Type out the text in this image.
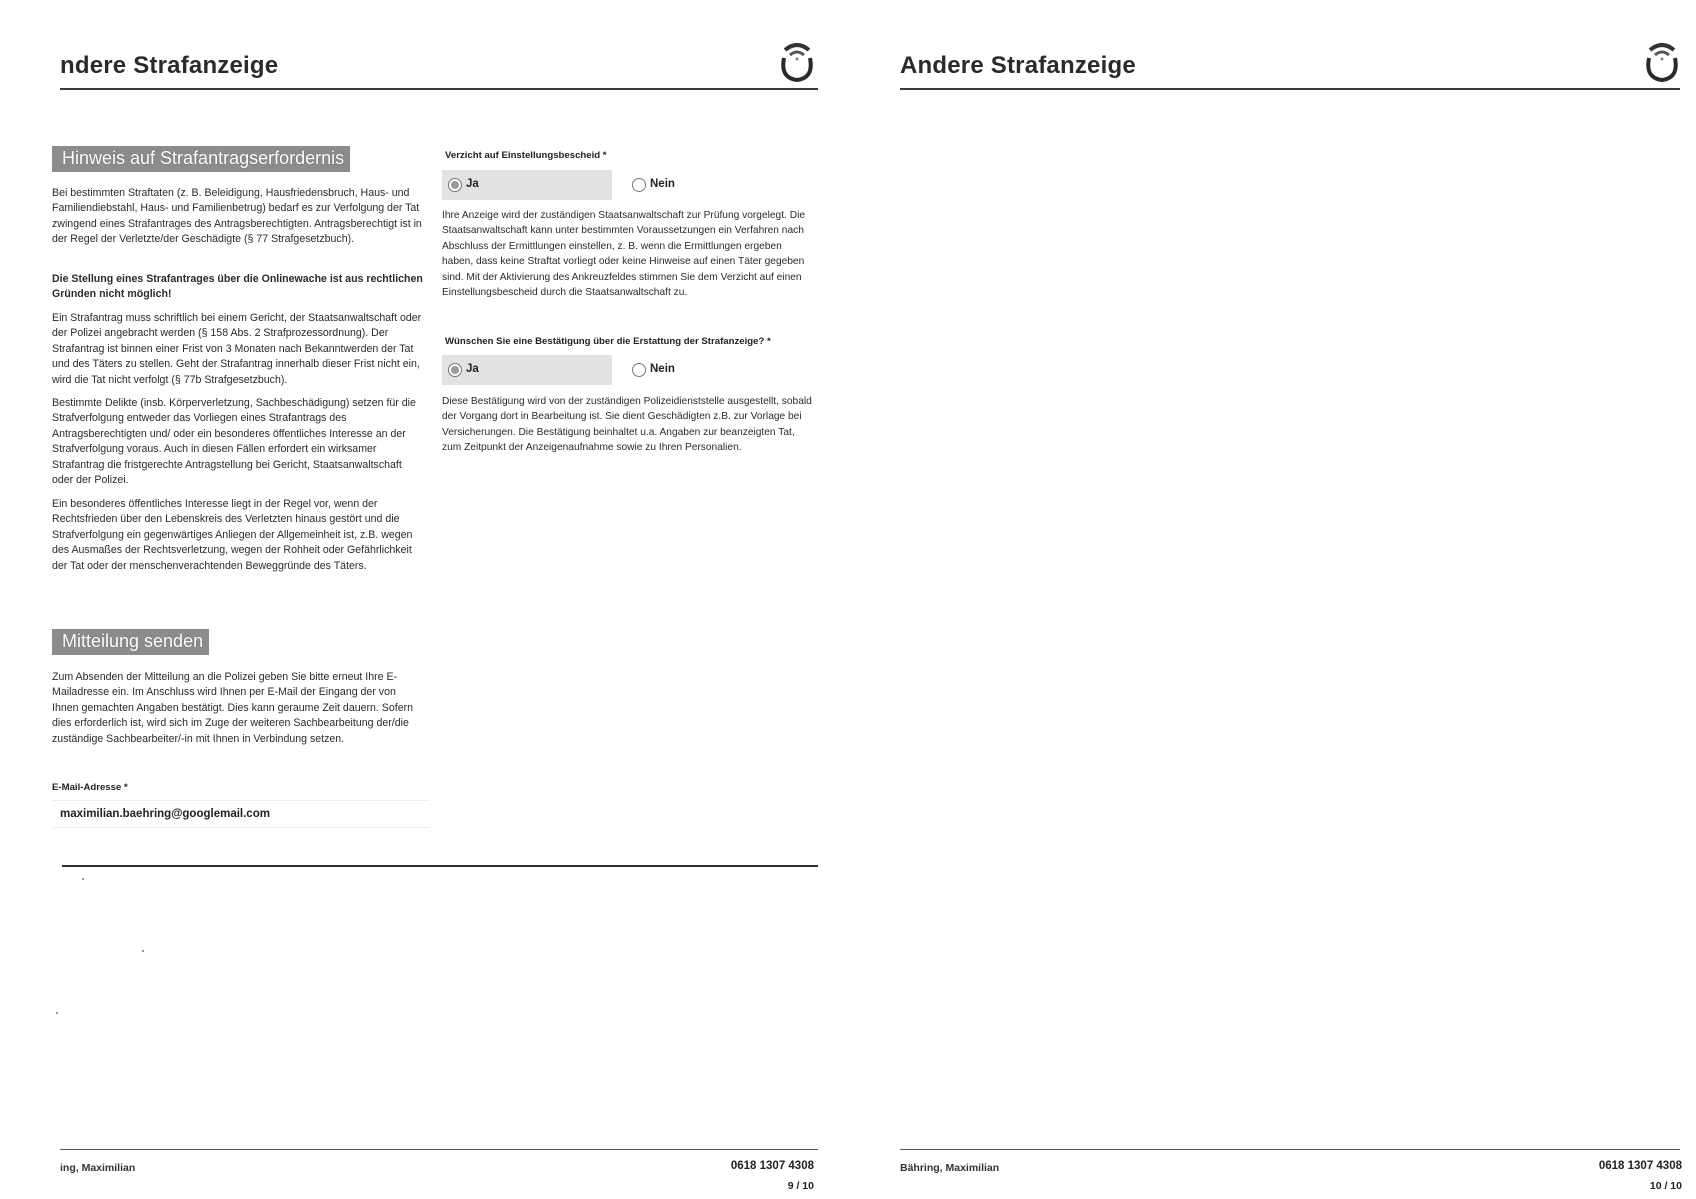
ndere Strafanzeige
Hinweis auf Strafantragserfordernis
Bei bestimmten Straftaten (z. B. Beleidigung, Hausfriedensbruch, Haus- und Familiendiebstahl, Haus- und Familienbetrug) bedarf es zur Verfolgung der Tat zwingend eines Strafantrages des Antragsberechtigten. Antragsberechtigt ist in der Regel der Verletzte/der Geschädigte (§ 77 Strafgesetzbuch).
Die Stellung eines Strafantrages über die Onlinewache ist aus rechtlichen Gründen nicht möglich!
Ein Strafantrag muss schriftlich bei einem Gericht, der Staatsanwaltschaft oder der Polizei angebracht werden (§ 158 Abs. 2 Strafprozessordnung). Der Strafantrag ist binnen einer Frist von 3 Monaten nach Bekanntwerden der Tat und des Täters zu stellen. Geht der Strafantrag innerhalb dieser Frist nicht ein, wird die Tat nicht verfolgt (§ 77b Strafgesetzbuch).
Bestimmte Delikte (insb. Körperverletzung, Sachbeschädigung) setzen für die Strafverfolgung entweder das Vorliegen eines Strafantrags des Antragsberechtigten und/ oder ein besonderes öffentliches Interesse an der Strafverfolgung voraus. Auch in diesen Fällen erfordert ein wirksamer Strafantrag die fristgerechte Antragstellung bei Gericht, Staatsanwaltschaft oder der Polizei.
Ein besonderes öffentliches Interesse liegt in der Regel vor, wenn der Rechtsfrieden über den Lebenskreis des Verletzten hinaus gestört und die Strafverfolgung ein gegenwärtiges Anliegen der Allgemeinheit ist, z.B. wegen des Ausmaßes der Rechtsverletzung, wegen der Rohheit oder Gefährlichkeit der Tat oder der menschenverachtenden Beweggründe des Täters.
Mitteilung senden
Zum Absenden der Mitteilung an die Polizei geben Sie bitte erneut Ihre E-Mailadresse ein. Im Anschluss wird Ihnen per E-Mail der Eingang der von Ihnen gemachten Angaben bestätigt. Dies kann geraume Zeit dauern. Sofern dies erforderlich ist, wird sich im Zuge der weiteren Sachbearbeitung der/die zuständige Sachbearbeiter/-in mit Ihnen in Verbindung setzen.
E-Mail-Adresse *
maximilian.baehring@googlemail.com
Verzicht auf Einstellungsbescheid *
Ja	Nein
Ihre Anzeige wird der zuständigen Staatsanwaltschaft zur Prüfung vorgelegt. Die Staatsanwaltschaft kann unter bestimmten Voraussetzungen ein Verfahren nach Abschluss der Ermittlungen einstellen, z. B. wenn die Ermittlungen ergeben haben, dass keine Straftat vorliegt oder keine Hinweise auf einen Täter gegeben sind. Mit der Aktivierung des Ankreuzfeldes stimmen Sie dem Verzicht auf einen Einstellungsbescheid durch die Staatsanwaltschaft zu.
Wünschen Sie eine Bestätigung über die Erstattung der Strafanzeige? *
Ja	Nein
Diese Bestätigung wird von der zuständigen Polizeidienststelle ausgestellt, sobald der Vorgang dort in Bearbeitung ist. Sie dient Geschädigten z.B. zur Vorlage bei Versicherungen. Die Bestätigung beinhaltet u.a. Angaben zur beanzeigten Tat, zum Zeitpunkt der Anzeigenaufnahme sowie zu Ihren Personalien.
ing, Maximilian	0618 1307 4308
9 / 10
Andere Strafanzeige
Bähring, Maximilian	0618 1307 4308
10 / 10
